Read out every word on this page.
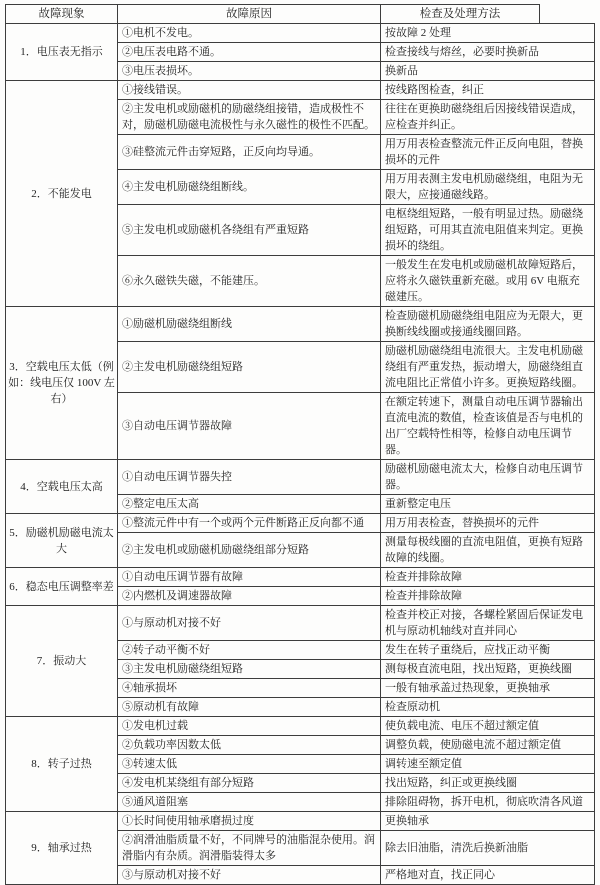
故障现象	故障原因	检查及处理方法	
1．电压表无指示	①电机不发电。	按故障 2 处理	
	②电压表电路不通。	检查接线与熔丝，必要时换新品	
	③电压表损坏。	换新品	
2．不能发电	①接线错误。	按线路图检查，纠正	
	②主发电机或励磁机的励磁绕组接错，造成极性不对，励磁机励磁电流极性与永久磁性的极性不匹配。	往往在更换助磁绕组后因接线错误造成，应检查并纠正。	
	③硅整流元件击穿短路，正反向均导通。	用万用表检查整流元件正反向电阻，替换损坏的元件	
	④主发电机励磁绕组断线。	用万用表测主发电机励磁绕组，电阻为无限大，应接通磁线路。	
	⑤主发电机或励磁机各绕组有严重短路	电枢绕组短路，一般有明显过热。励磁绕组短路，可用其直流电阻值来判定。更换损坏的绕组。	
	⑥永久磁铁失磁，不能建压。	一般发生在发电机或励磁机故障短路后，应将永久磁铁重新充磁。或用 6V 电瓶充磁建压。	
3．空载电压太低（例如：线电压仅 100V 左右）	①励磁机励磁绕组断线	检查励磁机励磁绕组电阻应为无限大，更换断线线圈或接通线圈回路。	
	②主发电机励磁绕组短路	励磁机励磁绕组电流很大。主发电机励磁绕组有严重发热，振动增大，励磁绕组直流电阻比正常值小许多。更换短路线圈。	
	③自动电压调节器故障	在额定转速下，测量自动电压调节器输出直流电流的数值，检查该值是否与电机的出厂空载特性相等，检修自动电压调节器。	
4．空载电压太高	①自动电压调节器失控	励磁机励磁电流太大，检修自动电压调节器。	
	②整定电压太高	重新整定电压	
5．励磁机励磁电流太大	①整流元件中有一个或两个元件断路正反向都不通	用万用表检查，替换损坏的元件	
	②主发电机或励磁机励磁绕组部分短路	测量每极线圈的直流电阻值，更换有短路故障的线圈。	
6．稳态电压调整率差	①自动电压调节器有故障	检查并排除故障	
	②内燃机及调速器故障	检查并排除故障	
7．振动大	①与原动机对接不好	检查并校正对接，各螺栓紧固后保证发电机与原动机轴线对直并同心	
	②转子动平衡不好	发生在转子重绕后，应找正动平衡	
	③主发电机励磁绕组短路	测每极直流电阻，找出短路，更换线圈	
	④轴承损坏	一般有轴承盖过热现象，更换轴承	
	⑤原动机有故障	检查原动机	
8．转子过热	①发电机过载	使负载电流、电压不超过额定值	
	②负载功率因数太低	调整负载，使励磁电流不超过额定值	
	③转速太低	调转速至额定值	
	④发电机某绕组有部分短路	找出短路，纠正或更换线圈	
	⑤通风道阻塞	排除阻碍物，拆开电机，彻底吹清各风道	
9．轴承过热	①长时间使用轴承磨损过度	更换轴承	
	②润滑油脂质量不好，不同牌号的油脂混杂使用。润滑脂内有杂质。润滑脂装得太多	除去旧油脂，清洗后换新油脂	
	③与原动机对接不好	严格地对直，找正同心	
